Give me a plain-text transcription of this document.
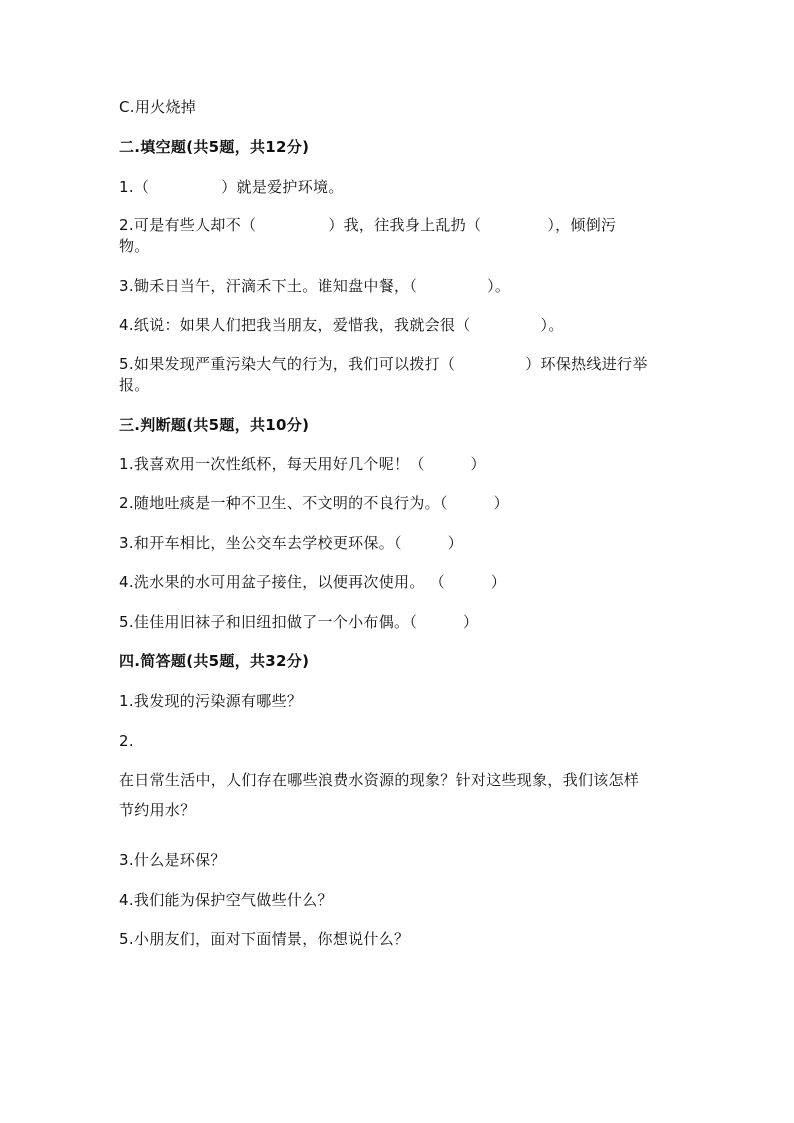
C.用火烧掉
二.填空题(共5题，共12分)
1.（	）就是爱护环境。
2.可是有些人却不（	）我，往我身上乱扔（	），倾倒污
物。
3.锄禾日当午，汗滴禾下土。谁知盘中餐，（	）。
4.纸说：如果人们把我当朋友，爱惜我，我就会很（	）。
5.如果发现严重污染大气的行为，我们可以拨打（	）环保热线进行举
报。
三.判断题(共5题，共10分)
1.我喜欢用一次性纸杯，每天用好几个呢！（　　　）
2.随地吐痰是一种不卫生、不文明的不良行为。（　　　）
3.和开车相比，坐公交车去学校更环保。（　　　）
4.洗水果的水可用盆子接住，以便再次使用。 （　　　）
5.佳佳用旧袜子和旧纽扣做了一个小布偶。（　　　）
四.简答题(共5题，共32分)
1.我发现的污染源有哪些？
2.
在日常生活中，人们存在哪些浪费水资源的现象？针对这些现象，我们该怎样
节约用水？
3.什么是环保？
4.我们能为保护空气做些什么？
5.小朋友们，面对下面情景，你想说什么？
